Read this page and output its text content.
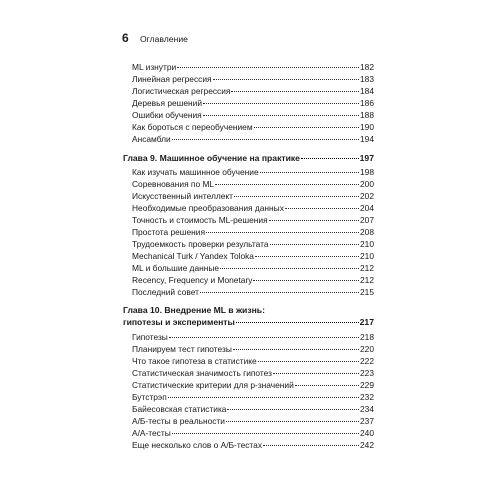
6 Оглавление
ML изнутри	182
Линейная регрессия	183
Логистическая регрессия	184
Деревья решений	186
Ошибки обучения	188
Как бороться с переобучением	190
Ансамбли	194
Глава 9. Машинное обучение на практике	197
Как изучать машинное обучение	198
Соревнования по ML	200
Искусственный интеллект	202
Необходимые преобразования данных	204
Точность и стоимость ML-решения	207
Простота решения	208
Трудоемкость проверки результата	210
Mechanical Turk / Yandex Toloka	210
ML и большие данные	212
Recency, Frequency и Monetary	212
Последний совет	215
Глава 10. Внедрение ML в жизнь:
гипотезы и эксперименты	217
Гипотезы	218
Планируем тест гипотезы	220
Что такое гипотеза в статистике	222
Статистическая значимость гипотез	223
Статистические критерии для p-значений	229
Бутстрэп	232
Байесовская статистика	234
А/Б-тесты в реальности	237
А/А-тесты	240
Еще несколько слов о А/Б-тестах	242
